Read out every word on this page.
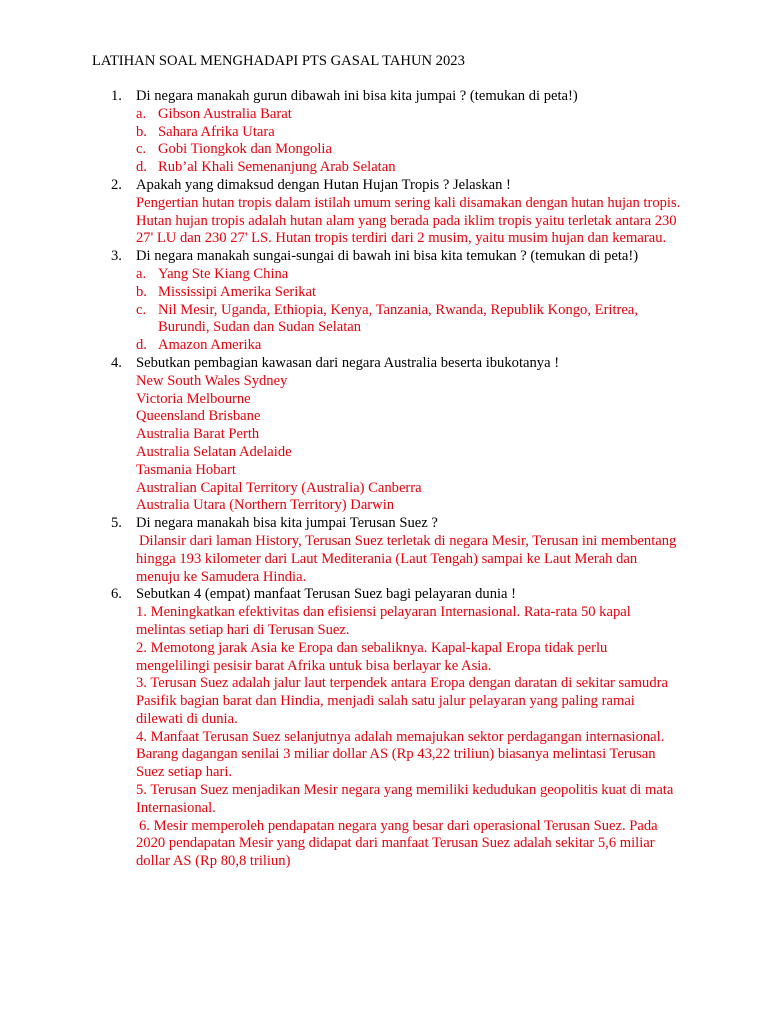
LATIHAN SOAL MENGHADAPI PTS GASAL TAHUN 2023
1. Di negara manakah gurun dibawah ini bisa kita jumpai ? (temukan di peta!)
a. Gibson Australia Barat
b. Sahara Afrika Utara
c. Gobi Tiongkok dan Mongolia
d. Rub’al Khali Semenanjung Arab Selatan
2. Apakah yang dimaksud dengan Hutan Hujan Tropis ? Jelaskan !
Pengertian hutan tropis dalam istilah umum sering kali disamakan dengan hutan hujan tropis. Hutan hujan tropis adalah hutan alam yang berada pada iklim tropis yaitu terletak antara 230 27' LU dan 230 27' LS. Hutan tropis terdiri dari 2 musim, yaitu musim hujan dan kemarau.
3. Di negara manakah sungai-sungai di bawah ini bisa kita temukan ? (temukan di peta!)
a. Yang Ste Kiang China
b. Mississipi Amerika Serikat
c. Nil Mesir, Uganda, Ethiopia, Kenya, Tanzania, Rwanda, Republik Kongo, Eritrea, Burundi, Sudan dan Sudan Selatan
d. Amazon Amerika
4. Sebutkan pembagian kawasan dari negara Australia beserta ibukotanya !
New South Wales Sydney
Victoria Melbourne
Queensland Brisbane
Australia Barat Perth
Australia Selatan Adelaide
Tasmania Hobart
Australian Capital Territory (Australia) Canberra
Australia Utara (Northern Territory) Darwin
5. Di negara manakah bisa kita jumpai Terusan Suez ?
Dilansir dari laman History, Terusan Suez terletak di negara Mesir, Terusan ini membentang hingga 193 kilometer dari Laut Mediterania (Laut Tengah) sampai ke Laut Merah dan menuju ke Samudera Hindia.
6. Sebutkan 4 (empat) manfaat Terusan Suez bagi pelayaran dunia !
1. Meningkatkan efektivitas dan efisiensi pelayaran Internasional. Rata-rata 50 kapal melintas setiap hari di Terusan Suez.
2. Memotong jarak Asia ke Eropa dan sebaliknya. Kapal-kapal Eropa tidak perlu mengelilingi pesisir barat Afrika untuk bisa berlayar ke Asia.
3. Terusan Suez adalah jalur laut terpendek antara Eropa dengan daratan di sekitar samudra Pasifik bagian barat dan Hindia, menjadi salah satu jalur pelayaran yang paling ramai dilewati di dunia.
4. Manfaat Terusan Suez selanjutnya adalah memajukan sektor perdagangan internasional. Barang dagangan senilai 3 miliar dollar AS (Rp 43,22 triliun) biasanya melintasi Terusan Suez setiap hari.
5. Terusan Suez menjadikan Mesir negara yang memiliki kedudukan geopolitis kuat di mata Internasional.
6. Mesir memperoleh pendapatan negara yang besar dari operasional Terusan Suez. Pada 2020 pendapatan Mesir yang didapat dari manfaat Terusan Suez adalah sekitar 5,6 miliar dollar AS (Rp 80,8 triliun)
